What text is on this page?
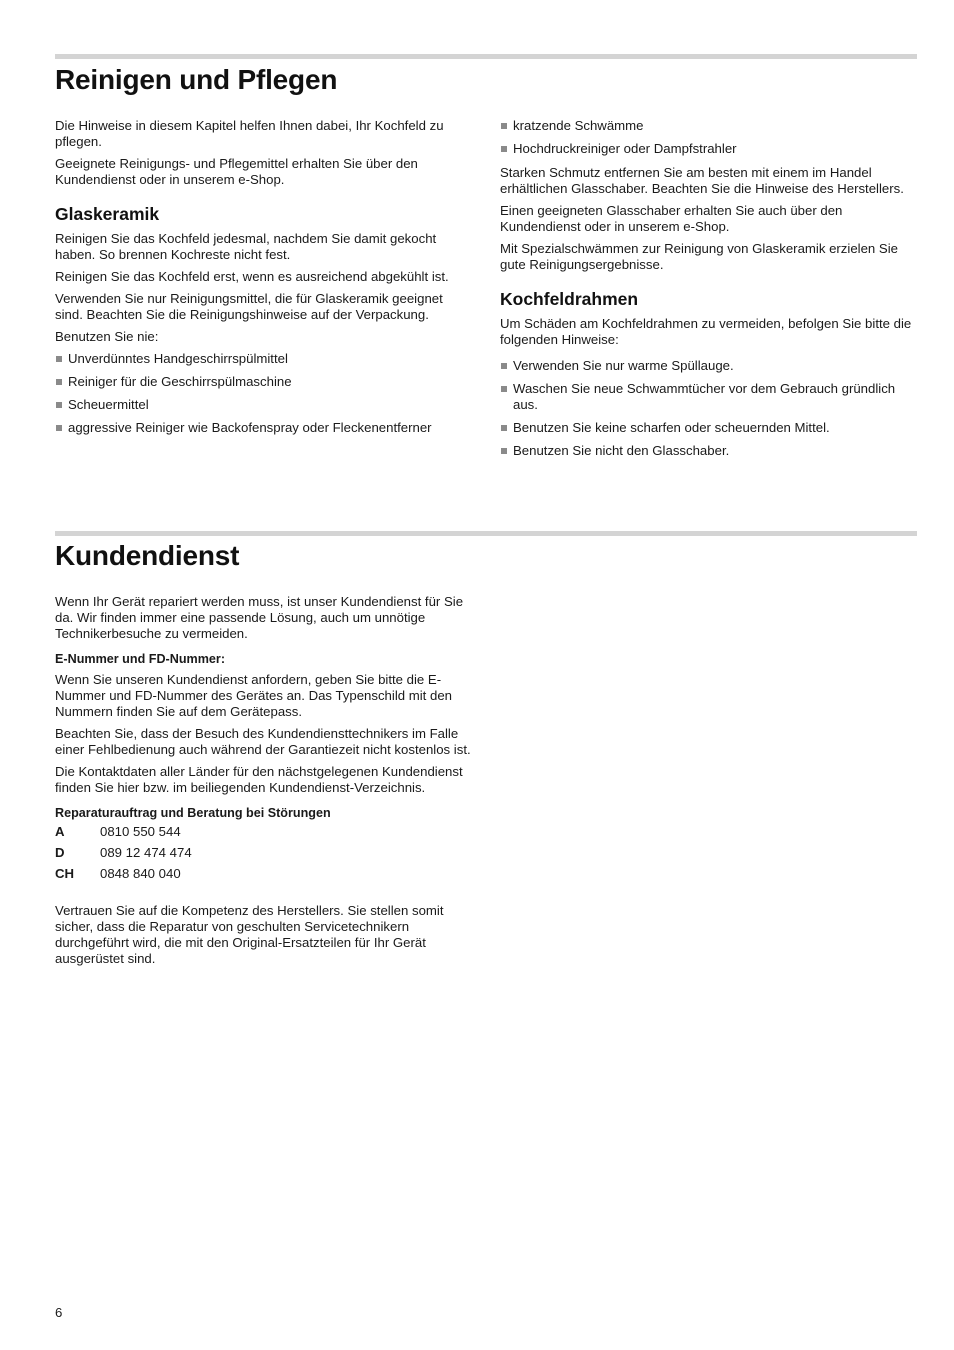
Reinigen und Pflegen

Die Hinweise in diesem Kapitel helfen Ihnen dabei, Ihr Kochfeld zu pflegen.

Geeignete Reinigungs- und Pflegemittel erhalten Sie über den Kundendienst oder in unserem e-Shop.

Glaskeramik

Reinigen Sie das Kochfeld jedesmal, nachdem Sie damit gekocht haben. So brennen Kochreste nicht fest.

Reinigen Sie das Kochfeld erst, wenn es ausreichend abgekühlt ist.

Verwenden Sie nur Reinigungsmittel, die für Glaskeramik geeignet sind. Beachten Sie die Reinigungshinweise auf der Verpackung.

Benutzen Sie nie:

Unverdünntes Handgeschirrspülmittel
Reiniger für die Geschirrspülmaschine
Scheuermittel
aggressive Reiniger wie Backofenspray oder Fleckenentferner
kratzende Schwämme
Hochdruckreiniger oder Dampfstrahler

Starken Schmutz entfernen Sie am besten mit einem im Handel erhältlichen Glasschaber. Beachten Sie die Hinweise des Herstellers.

Einen geeigneten Glasschaber erhalten Sie auch über den Kundendienst oder in unserem e-Shop.

Mit Spezialschwämmen zur Reinigung von Glaskeramik erzielen Sie gute Reinigungsergebnisse.

Kochfeldrahmen

Um Schäden am Kochfeldrahmen zu vermeiden, befolgen Sie bitte die folgenden Hinweise:

Verwenden Sie nur warme Spüllauge.
Waschen Sie neue Schwammtücher vor dem Gebrauch gründlich aus.
Benutzen Sie keine scharfen oder scheuernden Mittel.
Benutzen Sie nicht den Glasschaber.
Kundendienst

Wenn Ihr Gerät repariert werden muss, ist unser Kundendienst für Sie da. Wir finden immer eine passende Lösung, auch um unnötige Technikerbesuche zu vermeiden.

E-Nummer und FD-Nummer:

Wenn Sie unseren Kundendienst anfordern, geben Sie bitte die E-Nummer und FD-Nummer des Gerätes an. Das Typenschild mit den Nummern finden Sie auf dem Gerätepass.

Beachten Sie, dass der Besuch des Kundendiensttechnikers im Falle einer Fehlbedienung auch während der Garantiezeit nicht kostenlos ist.

Die Kontaktdaten aller Länder für den nächstgelegenen Kundendienst finden Sie hier bzw. im beiliegenden Kundendienst-Verzeichnis.

Reparaturauftrag und Beratung bei Störungen
A	0810 550 544
D	089 12 474 474
CH	0848 840 040

Vertrauen Sie auf die Kompetenz des Herstellers. Sie stellen somit sicher, dass die Reparatur von geschulten Servicetechnikern durchgeführt wird, die mit den Original-Ersatzteilen für Ihr Gerät ausgerüstet sind.

6
